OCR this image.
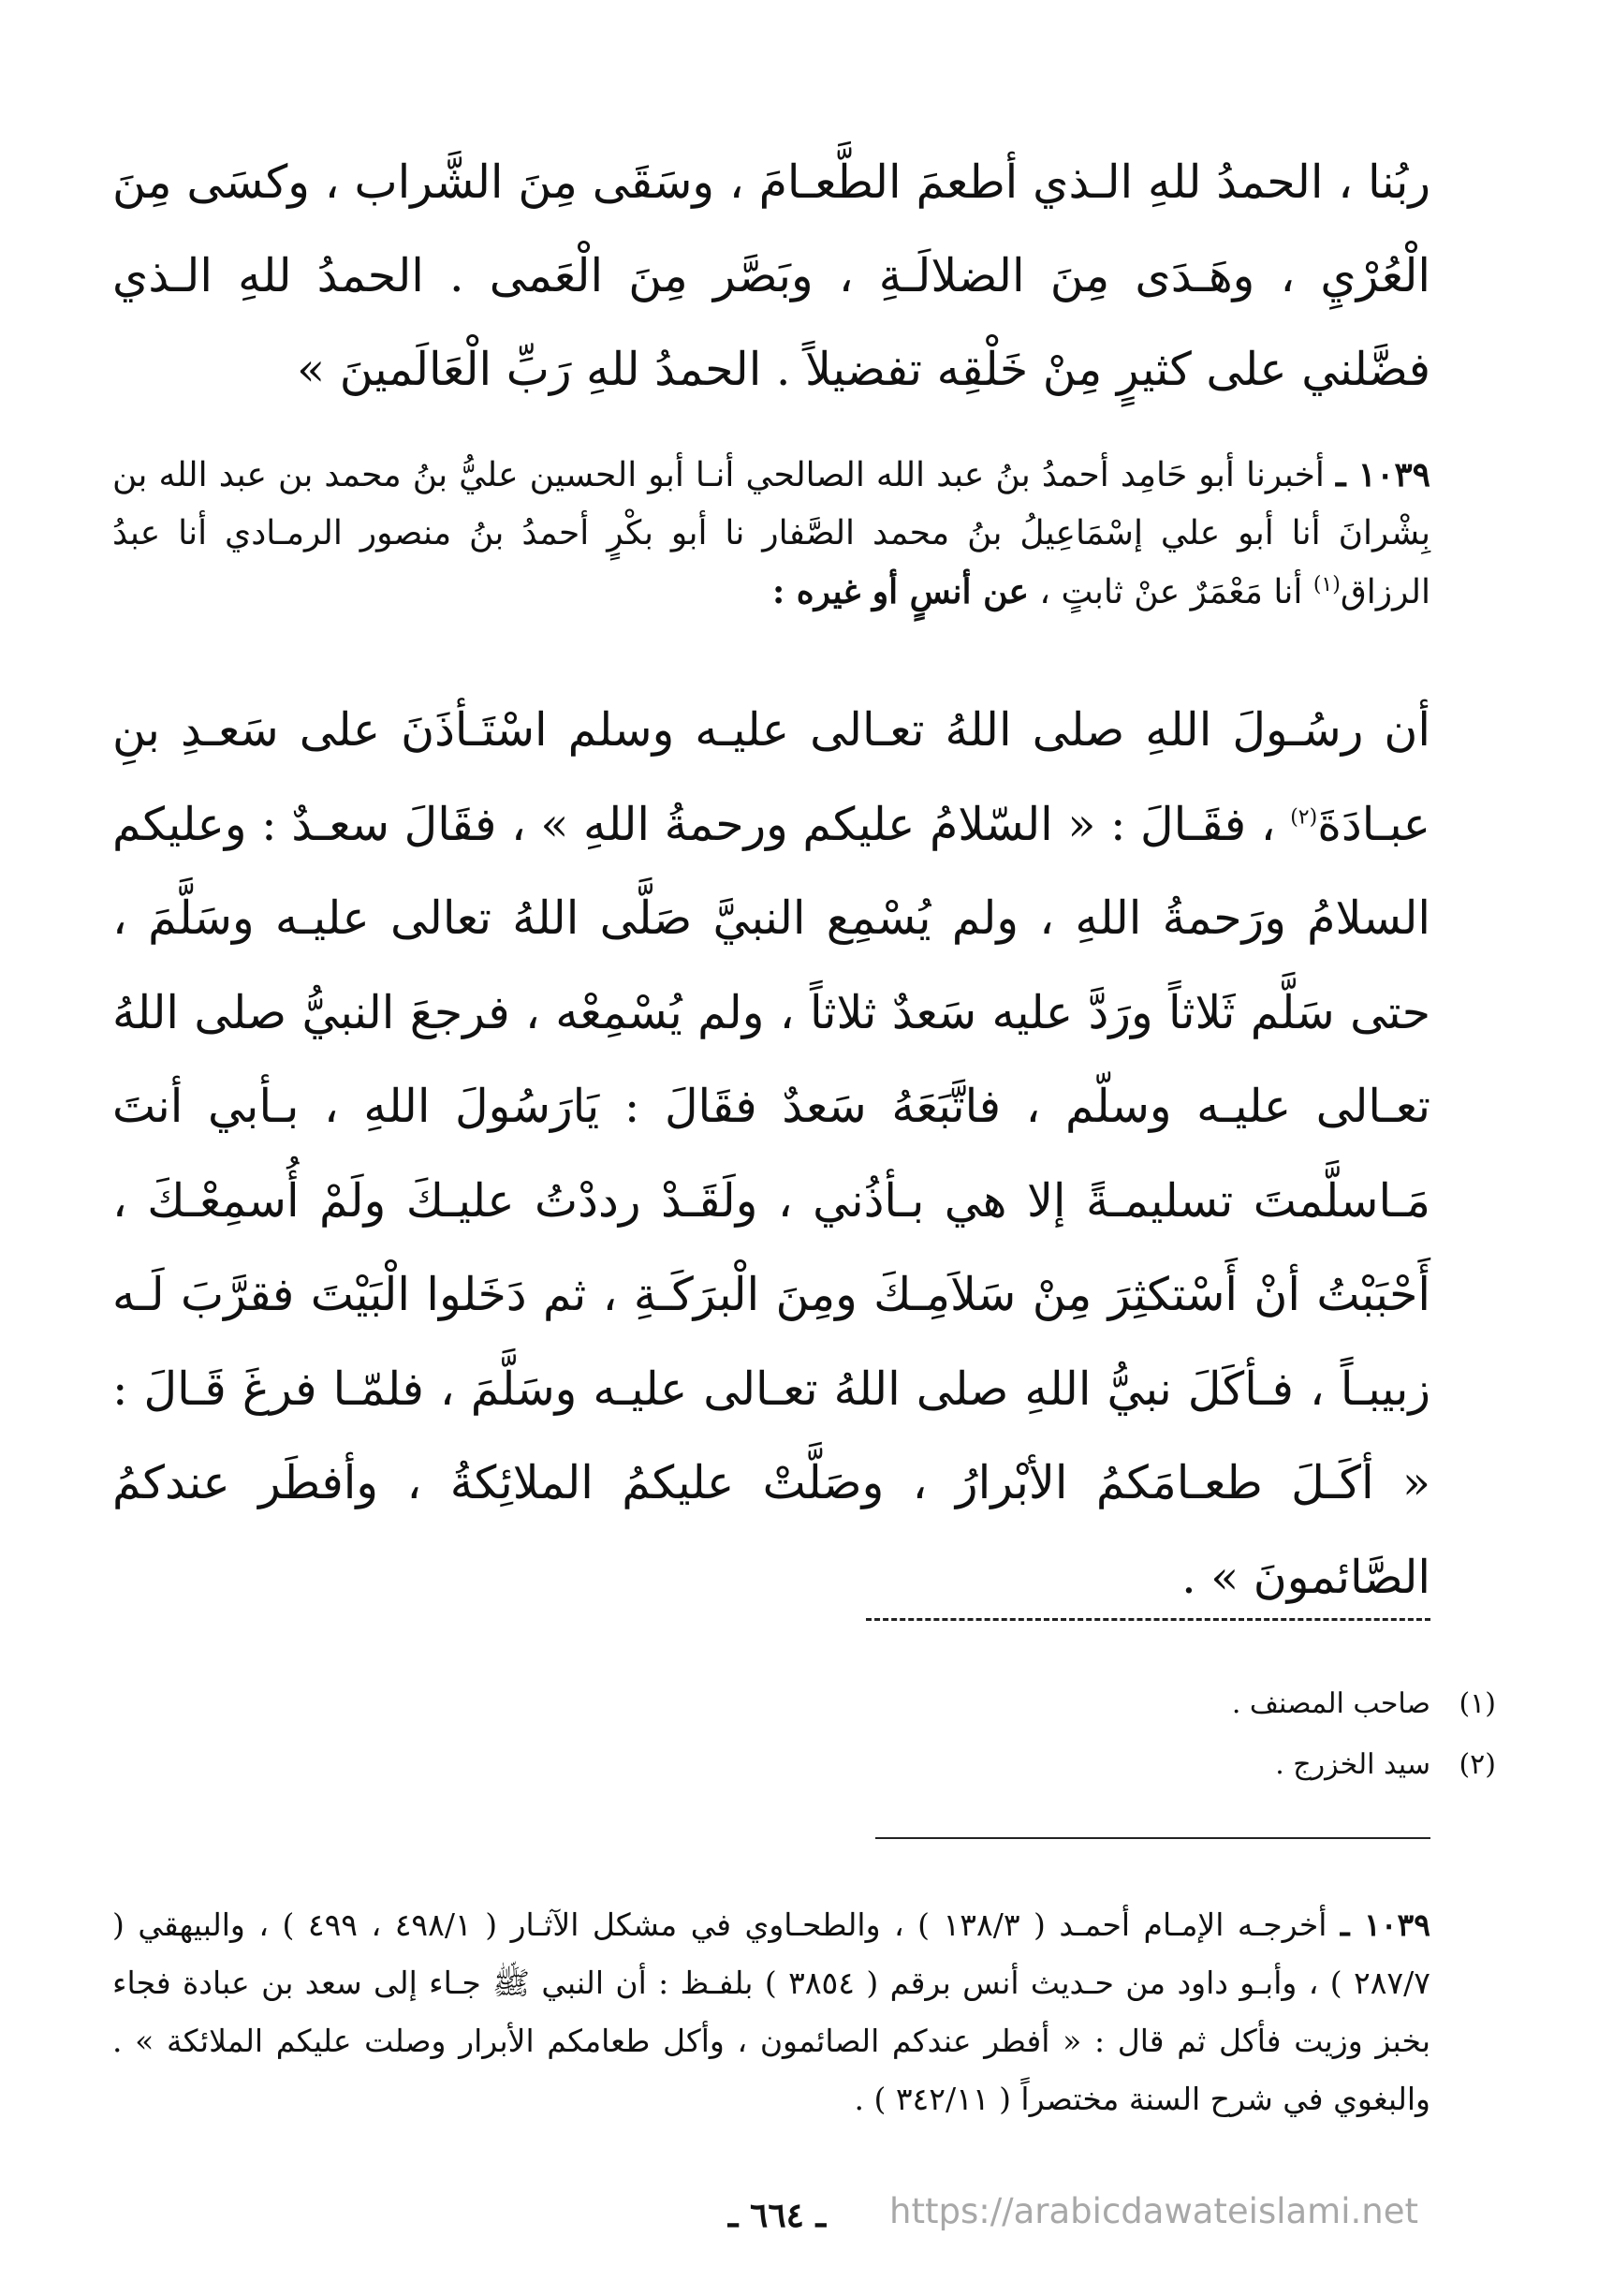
ربُنا ، الحمدُ للهِ الـذي أطعمَ الطَّعـامَ ، وسَقَى مِنَ الشَّراب ، وكسَى مِنَ الْعُرْيِ ، وهَـدَى مِنَ الضلالَـةِ ، وبَصَّر مِنَ الْعَمى . الحمدُ للهِ الـذي فضَّلني على كثيرٍ مِنْ خَلْقِه تفضيلاً . الحمدُ للهِ رَبِّ الْعَالَمينَ »
١٠٣٩ ـ أخبرنا أبو حَامِد أحمدُ بنُ عبد الله الصالحي أنـا أبو الحسين عليُّ بنُ محمد بن عبد الله بن بِشْرانَ أنا أبو علي إسْمَاعِيلُ بنُ محمد الصَّفار نا أبو بكْرٍ أحمدُ بنُ منصور الرمـادي أنا عبدُ الرزاق$^{(١)}$ أنا مَعْمَرٌ عنْ ثابتٍ ، عن أنسٍ أو غيره :
أن رسُـولَ اللهِ صلى اللهُ تعـالى عليـه وسلم اسْتَـأذَنَ على سَعـدِ بنِ عبـادَةَ$^{(٢)}$ ، فقَـالَ : « السّلامُ عليكم ورحمةُ اللهِ » ، فقَالَ سعـدٌ : وعليكم السلامُ ورَحمةُ اللهِ ، ولم يُسْمِع النبيَّ صَلَّى اللهُ تعالى عليـه وسَلَّمَ ، حتى سَلَّم ثَلاثاً ورَدَّ عليه سَعدٌ ثلاثاً ، ولم يُسْمِعْه ، فرجعَ النبيُّ صلى اللهُ تعـالى عليـه وسلّم ، فاتَّبَعَهُ سَعدٌ فقَالَ : يَارَسُولَ اللهِ ، بـأبي أنتَ مَـاسلَّمتَ تسليمـةً إلا هي بـأذُني ، ولَقَـدْ رددْتُ عليـكَ ولَمْ أُسمِعْـكَ ، أَحْبَبْتُ أنْ أَسْتكثِرَ مِنْ سَلاَمِـكَ ومِنَ الْبرَكَـةِ ، ثم دَخَلوا الْبَيْتَ فقرَّبَ لَـه زبيبـاً ، فـأكَلَ نبيُّ اللهِ صلى اللهُ تعـالى عليـه وسَلَّمَ ، فلمّـا فرغَ قَـالَ : « أكَـلَ طعـامَكمُ الأبْرارُ ، وصَلَّتْ عليكمُ الملائِكةُ ، وأفطَر عندكمُ الصَّائمونَ » .
(١)
صاحب المصنف .
(٢)
سيد الخزرج .
١٠٣٩ ـ أخرجـه الإمـام أحمـد ( ١٣٨/٣ ) ، والطحـاوي في مشكل الآثـار ( ٤٩٨/١ ، ٤٩٩ ) ، والبيهقي ( ٢٨٧/٧ ) ، وأبـو داود من حـديث أنس برقم ( ٣٨٥٤ ) بلفـظ : أن النبي ﷺ جـاء إلى سعد بن عبادة فجاء بخبز وزيت فأكل ثم قال : « أفطر عندكم الصائمون ، وأكل طعامكم الأبرار وصلت عليكم الملائكة » . والبغوي في شرح السنة مختصراً ( ٣٤٢/١١ ) .
ـ ٦٦٤ ـ	https://arabicdawateislami.net
